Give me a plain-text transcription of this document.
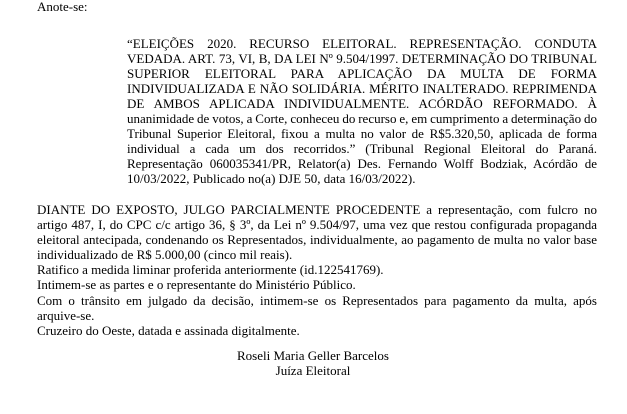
Anote-se:
“ELEIÇÕES 2020. RECURSO ELEITORAL. REPRESENTAÇÃO. CONDUTA
VEDADA. ART. 73, VI, B, DA LEI Nº 9.504/1997. DETERMINAÇÃO DO TRIBUNAL
SUPERIOR ELEITORAL PARA APLICAÇÃO DA MULTA DE FORMA
INDIVIDUALIZADA E NÃO SOLIDÁRIA. MÉRITO INALTERADO. REPRIMENDA
DE AMBOS APLICADA INDIVIDUALMENTE. ACÓRDÃO REFORMADO. À
unanimidade de votos, a Corte, conheceu do recurso e, em cumprimento a determinação do
Tribunal Superior Eleitoral, fixou a multa no valor de R$5.320,50, aplicada de forma
individual a cada um dos recorridos.” (Tribunal Regional Eleitoral do Paraná.
Representação 060035341/PR, Relator(a) Des. Fernando Wolff Bodziak, Acórdão de
10/03/2022, Publicado no(a) DJE 50, data 16/03/2022).
DIANTE DO EXPOSTO, JULGO PARCIALMENTE PROCEDENTE a representação, com fulcro no
artigo 487, I, do CPC c/c artigo 36, § 3º, da Lei nº 9.504/97, uma vez que restou configurada propaganda
eleitoral antecipada, condenando os Representados, individualmente, ao pagamento de multa no valor base
individualizado de R$ 5.000,00 (cinco mil reais).
Ratifico a medida liminar proferida anteriormente (id.122541769).
Intimem-se as partes e o representante do Ministério Público.
Com o trânsito em julgado da decisão, intimem-se os Representados para pagamento da multa, após
arquive-se.
Cruzeiro do Oeste, datada e assinada digitalmente.
Roseli Maria Geller Barcelos
Juíza Eleitoral
